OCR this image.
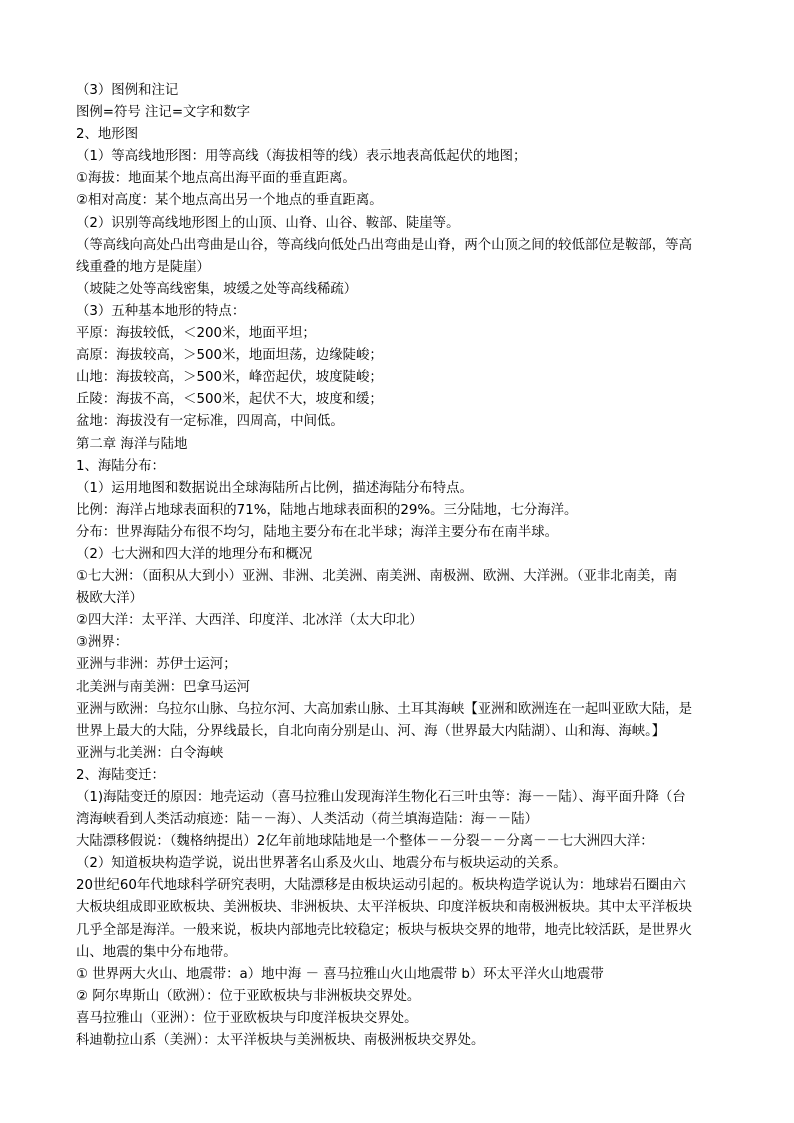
（3）图例和注记
图例=符号 注记=文字和数字
2、地形图
（1）等高线地形图：用等高线（海拔相等的线）表示地表高低起伏的地图；
①海拔：地面某个地点高出海平面的垂直距离。
②相对高度：某个地点高出另一个地点的垂直距离。
（2）识别等高线地形图上的山顶、山脊、山谷、鞍部、陡崖等。
（等高线向高处凸出弯曲是山谷，等高线向低处凸出弯曲是山脊，两个山顶之间的较低部位是鞍部，等高
线重叠的地方是陡崖）
（坡陡之处等高线密集，坡缓之处等高线稀疏）
（3）五种基本地形的特点：
平原：海拔较低，＜200米，地面平坦；
高原：海拔较高，＞500米，地面坦荡，边缘陡峻；
山地：海拔较高，＞500米，峰峦起伏，坡度陡峻；
丘陵：海拔不高，＜500米，起伏不大，坡度和缓；
盆地：海拔没有一定标准，四周高，中间低。
第二章 海洋与陆地
1、海陆分布：
（1）运用地图和数据说出全球海陆所占比例，描述海陆分布特点。
比例：海洋占地球表面积的71%，陆地占地球表面积的29%。三分陆地，七分海洋。
分布：世界海陆分布很不均匀，陆地主要分布在北半球；海洋主要分布在南半球。
（2）七大洲和四大洋的地理分布和概况
①七大洲：（面积从大到小）亚洲、非洲、北美洲、南美洲、南极洲、欧洲、大洋洲。（亚非北南美，南
极欧大洋）
②四大洋：太平洋、大西洋、印度洋、北冰洋（太大印北）
③洲界：
亚洲与非洲：苏伊士运河；
北美洲与南美洲：巴拿马运河
亚洲与欧洲：乌拉尔山脉、乌拉尔河、大高加索山脉、土耳其海峡【亚洲和欧洲连在一起叫亚欧大陆，是
世界上最大的大陆，分界线最长，自北向南分别是山、河、海（世界最大内陆湖）、山和海、海峡。】
亚洲与北美洲：白令海峡
2、海陆变迁：
（1)海陆变迁的原因：地壳运动（喜马拉雅山发现海洋生物化石三叶虫等：海－－陆）、海平面升降（台
湾海峡看到人类活动痕迹：陆－－海）、人类活动（荷兰填海造陆：海－－陆）
大陆漂移假说：（魏格纳提出）2亿年前地球陆地是一个整体－－分裂－－分离－－七大洲四大洋：
（2）知道板块构造学说，说出世界著名山系及火山、地震分布与板块运动的关系。
20世纪60年代地球科学研究表明，大陆漂移是由板块运动引起的。板块构造学说认为：地球岩石圈由六
大板块组成即亚欧板块、美洲板块、非洲板块、太平洋板块、印度洋板块和南极洲板块。其中太平洋板块
几乎全部是海洋。一般来说，板块内部地壳比较稳定；板块与板块交界的地带，地壳比较活跃，是世界火
山、地震的集中分布地带。
① 世界两大火山、地震带：a）地中海 － 喜马拉雅山火山地震带 b）环太平洋火山地震带
② 阿尔卑斯山（欧洲）：位于亚欧板块与非洲板块交界处。
喜马拉雅山（亚洲）：位于亚欧板块与印度洋板块交界处。
科迪勒拉山系（美洲）：太平洋板块与美洲板块、南极洲板块交界处。
